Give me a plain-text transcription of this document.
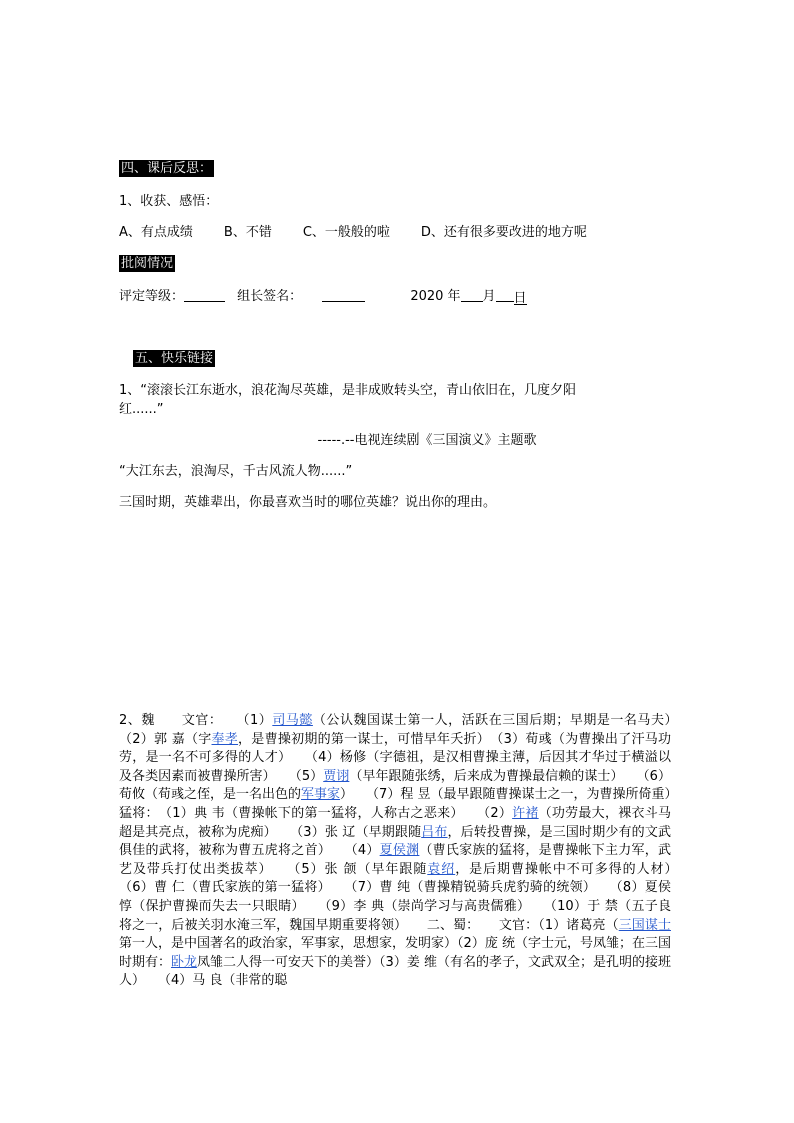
四、课后反思：
1、收获、感悟：
A、有点成绩 B、不错 C、一般般的啦 D、还有很多要改进的地方呢
批阅情况
评定等级：	组长签名：	2020 年 月 日
五、快乐链接
1、“滚滚长江东逝水，浪花淘尽英雄，是非成败转头空，青山依旧在，几度夕阳
红......”
-----.--电视连续剧《三国演义》主题歌
“大江东去，浪淘尽，千古风流人物......”
三国时期，英雄辈出，你最喜欢当时的哪位英雄？说出你的理由。
2、魏　　文官：　　（1）司马懿（公认魏国谋士第一人，活跃在三国后期；早期是一名马夫）　　（2）郭 嘉（字奉孝，是曹操初期的第一谋士，可惜早年夭折）　（3）荀彧（为曹操出了汗马功劳，是一名不可多得的人才）　　（4）杨修（字德祖，是汉相曹操主薄，后因其才华过于横溢以及各类因素而被曹操所害）　　（5）贾诩（早年跟随张绣，后来成为曹操最信赖的谋士）　　（6）荀攸（荀彧之侄，是一名出色的军事家）　　（7）程 昱（最早跟随曹操谋士之一，为曹操所倚重）　　猛将：　（1）典 韦（曹操帐下的第一猛将，人称古之恶来）　　（2）许褚（功劳最大，裸衣斗马超是其亮点，被称为虎痴）　　（3）张 辽（早期跟随吕布，后转投曹操，是三国时期少有的文武俱佳的武将，被称为曹五虎将之首）　　（4）夏侯渊（曹氏家族的猛将，是曹操帐下主力军，武艺及带兵打仗出类拔萃）　　（5）张 颌（早年跟随袁绍，是后期曹操帐中不可多得的人材）　　（6）曹 仁（曹氏家族的第一猛将）　　（7）曹 纯（曹操精锐骑兵虎豹骑的统领）　　（8）夏侯惇（保护曹操而失去一只眼睛）　　（9）李 典（崇尚学习与高贵儒雅）　　（10）于 禁（五子良将之一，后被关羽水淹三军，魏国早期重要将领）　　二、蜀：　　文官：（1）诸葛亮（三国谋士第一人，是中国著名的政治家，军事家，思想家，发明家）（2）庞 统（字士元，号凤雏；在三国时期有：卧龙凤雏二人得一可安天下的美誉）（3）姜 维（有名的孝子，文武双全；是孔明的接班人）　　（4）马 良（非常的聪
